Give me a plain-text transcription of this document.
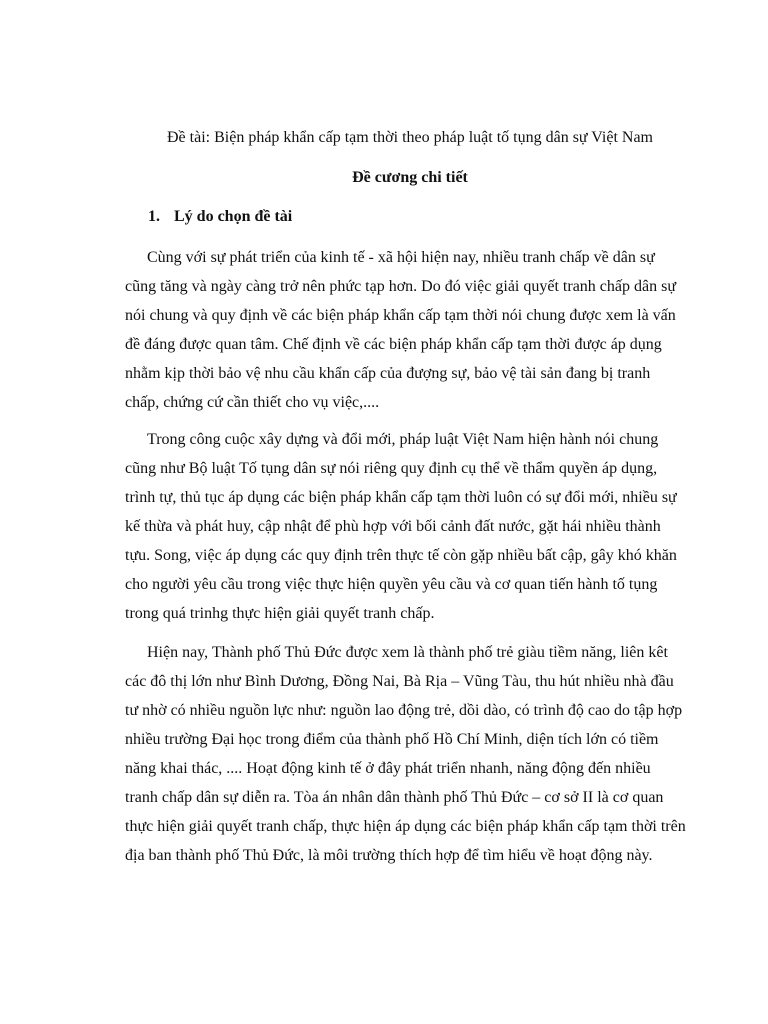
Đề tài: Biện pháp khẩn cấp tạm thời theo pháp luật tố tụng dân sự Việt Nam

Đề cương chi tiết

1. Lý do chọn đề tài

Cùng với sự phát triển của kinh tế - xã hội hiện nay, nhiều tranh chấp về dân sự
cũng tăng và ngày càng trở nên phức tạp hơn. Do đó việc giải quyết tranh chấp dân sự
nói chung và quy định về các biện pháp khẩn cấp tạm thời nói chung được xem là vấn
đề đáng được quan tâm. Chế định về các biện pháp khẩn cấp tạm thời được áp dụng
nhằm kịp thời bảo vệ nhu cầu khẩn cấp của đượng sự, bảo vệ tài sản đang bị tranh
chấp, chứng cứ cần thiết cho vụ việc,....
Trong công cuộc xây dựng và đổi mới, pháp luật Việt Nam hiện hành nói chung
cũng như Bộ luật Tố tụng dân sự nói riêng quy định cụ thể về thẩm quyền áp dụng,
trình tự, thủ tục áp dụng các biện pháp khẩn cấp tạm thời luôn có sự đổi mới, nhiều sự
kế thừa và phát huy, cập nhật để phù hợp với bối cảnh đất nước, gặt hái nhiều thành
tựu. Song, việc áp dụng các quy định trên thực tế còn gặp nhiều bất cập, gây khó khăn
cho người yêu cầu trong việc thực hiện quyền yêu cầu và cơ quan tiến hành tố tụng
trong quá trinhg thực hiện giải quyết tranh chấp.
Hiện nay, Thành phố Thủ Đức được xem là thành phố trẻ giàu tiềm năng, liên kêt
các đô thị lớn như Bình Dương, Đồng Nai, Bà Rịa – Vũng Tàu, thu hút nhiều nhà đầu
tư nhờ có nhiều nguồn lực như: nguồn lao động trẻ, dồi dào, có trình độ cao do tập hợp
nhiều trường Đại học trong điểm của thành phố Hồ Chí Minh, diện tích lớn có tiềm
năng khai thác, .... Hoạt động kinh tế ở đây phát triển nhanh, năng động đến nhiều
tranh chấp dân sự diễn ra. Tòa án nhân dân thành phố Thủ Đức – cơ sở II là cơ quan
thực hiện giải quyết tranh chấp, thực hiện áp dụng các biện pháp khẩn cấp tạm thời trên
địa ban thành phố Thủ Đức, là môi trường thích hợp để tìm hiểu về hoạt động này.
